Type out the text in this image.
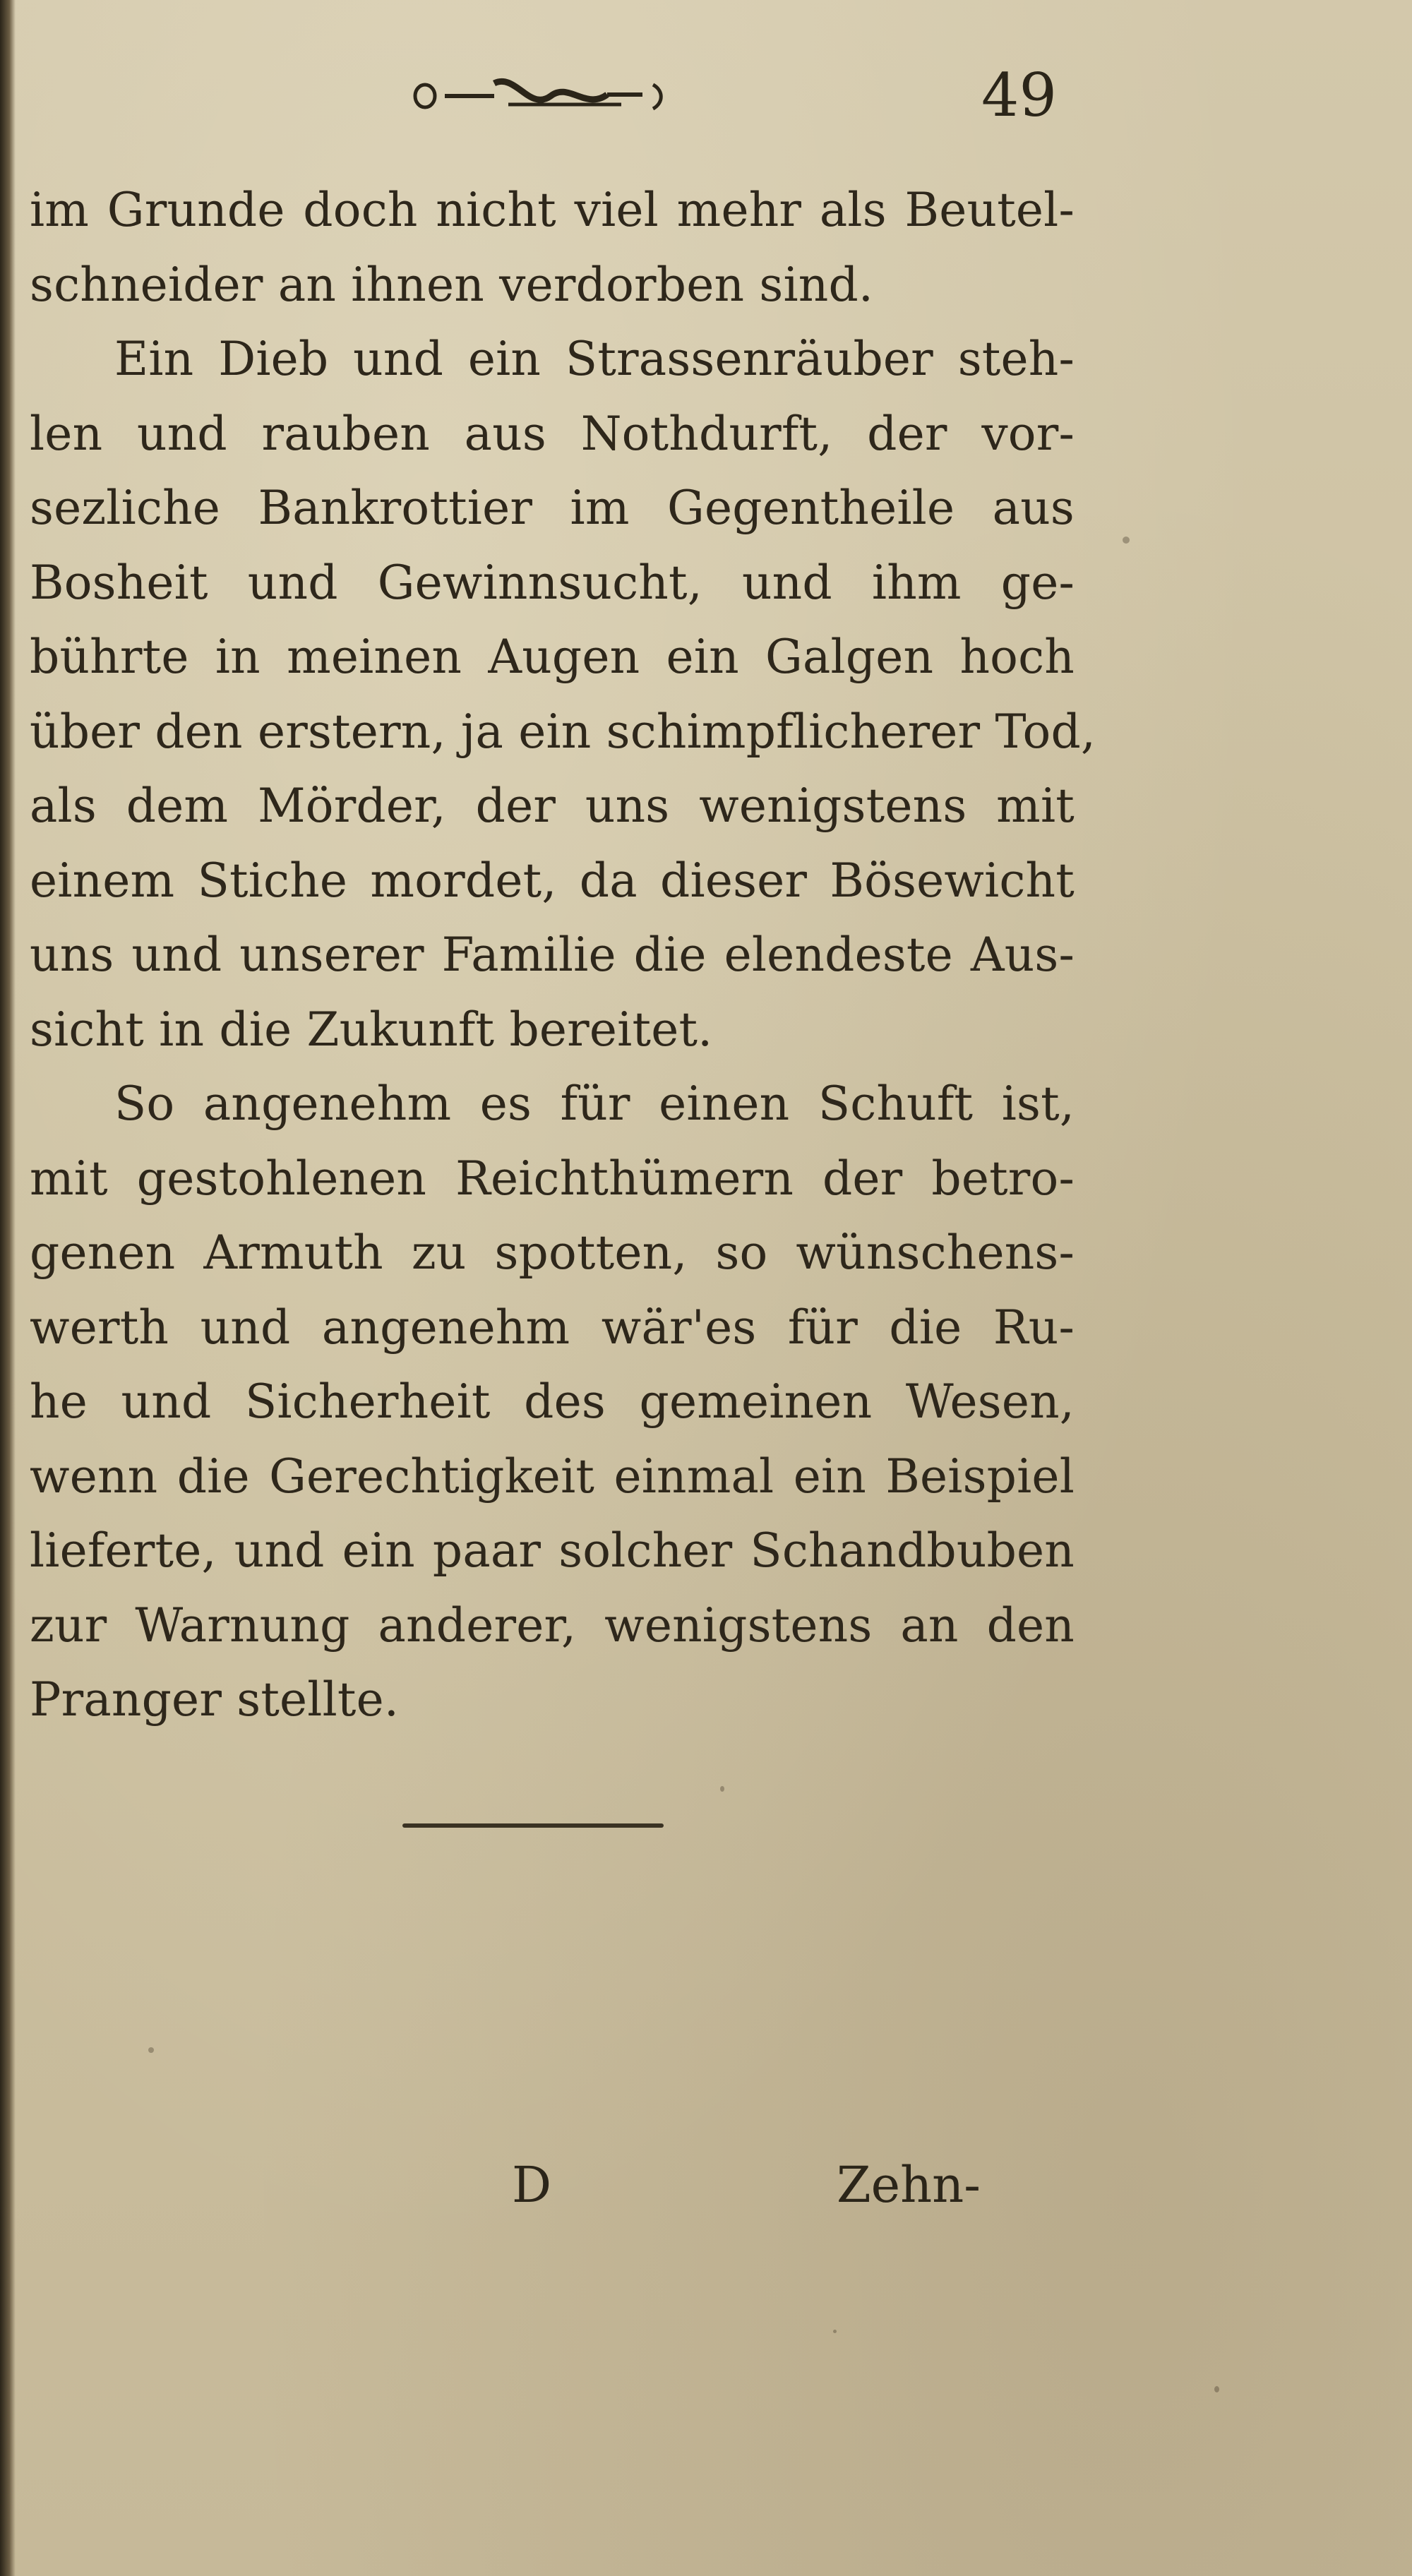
49
im Grunde doch nicht viel mehr als Beutel-
schneider an ihnen verdorben sind.
Ein Dieb und ein Strassenräuber steh-
len und rauben aus Nothdurft, der vor-
sezliche Bankrottier im Gegentheile aus
Bosheit und Gewinnsucht, und ihm ge-
bührte in meinen Augen ein Galgen hoch
über den erstern, ja ein schimpflicherer Tod,
als dem Mörder, der uns wenigstens mit
einem Stiche mordet, da dieser Bösewicht
uns und unserer Familie die elendeste Aus-
sicht in die Zukunft bereitet.
So angenehm es für einen Schuft ist,
mit gestohlenen Reichthümern der betro-
genen Armuth zu spotten, so wünschens-
werth und angenehm wär'es für die Ru-
he und Sicherheit des gemeinen Wesen,
wenn die Gerechtigkeit einmal ein Beispiel
lieferte, und ein paar solcher Schandbuben
zur Warnung anderer, wenigstens an den
Pranger stellte.
D	Zehn-
